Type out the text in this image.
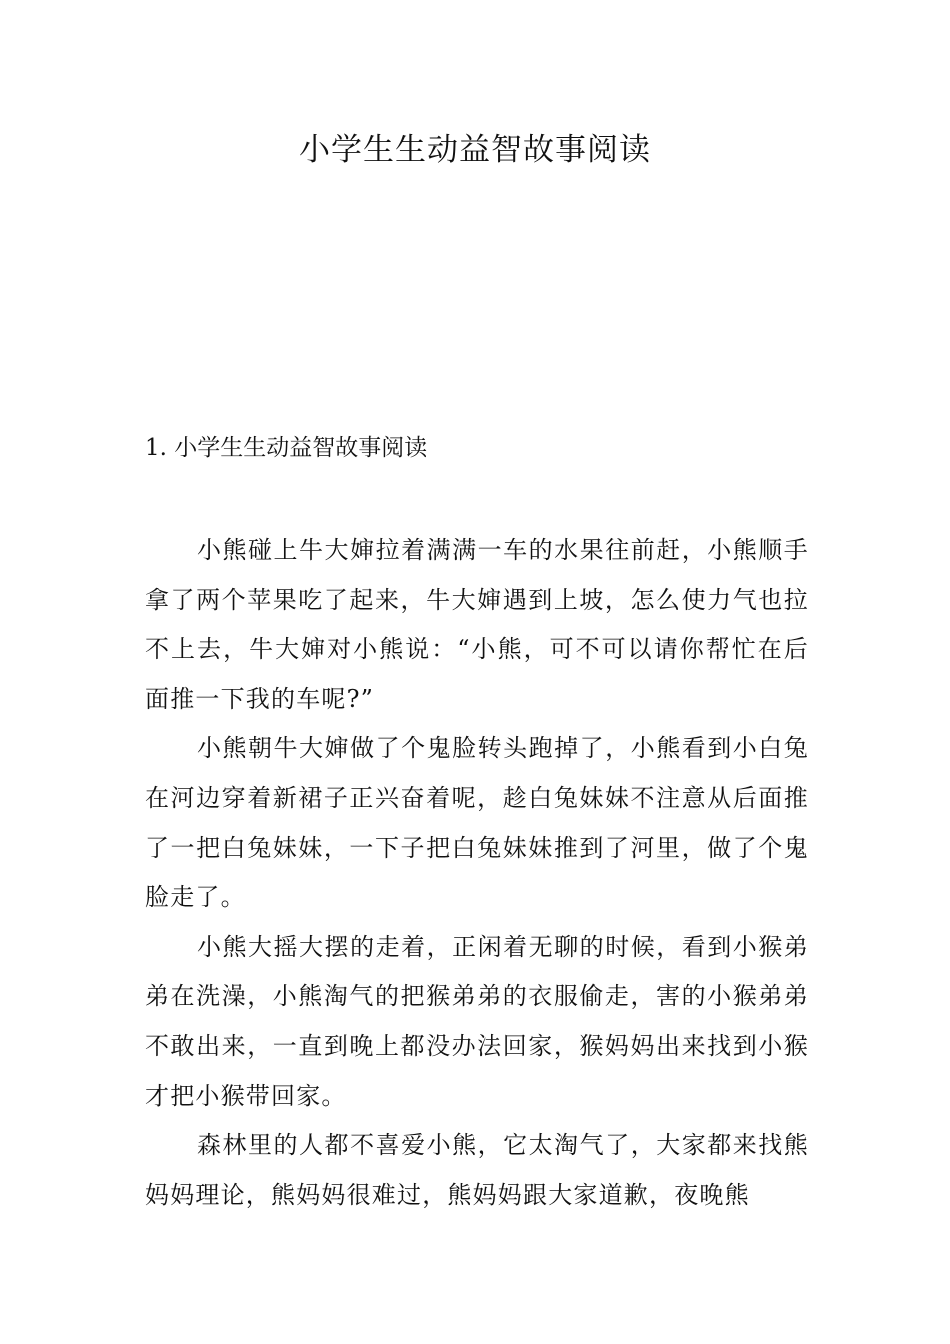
小学生生动益智故事阅读
1. 小学生生动益智故事阅读

小熊碰上牛大婶拉着满满一车的水果往前赶，小熊顺手拿了两个苹果吃了起来，牛大婶遇到上坡，怎么使力气也拉不上去，牛大婶对小熊说：“小熊，可不可以请你帮忙在后面推一下我的车呢?”

小熊朝牛大婶做了个鬼脸转头跑掉了，小熊看到小白兔在河边穿着新裙子正兴奋着呢，趁白兔妹妹不注意从后面推了一把白兔妹妹，一下子把白兔妹妹推到了河里，做了个鬼脸走了。

小熊大摇大摆的走着，正闲着无聊的时候，看到小猴弟弟在洗澡，小熊淘气的把猴弟弟的衣服偷走，害的小猴弟弟不敢出来，一直到晚上都没办法回家，猴妈妈出来找到小猴才把小猴带回家。

森林里的人都不喜爱小熊，它太淘气了，大家都来找熊妈妈理论，熊妈妈很难过，熊妈妈跟大家道歉，夜晚熊
